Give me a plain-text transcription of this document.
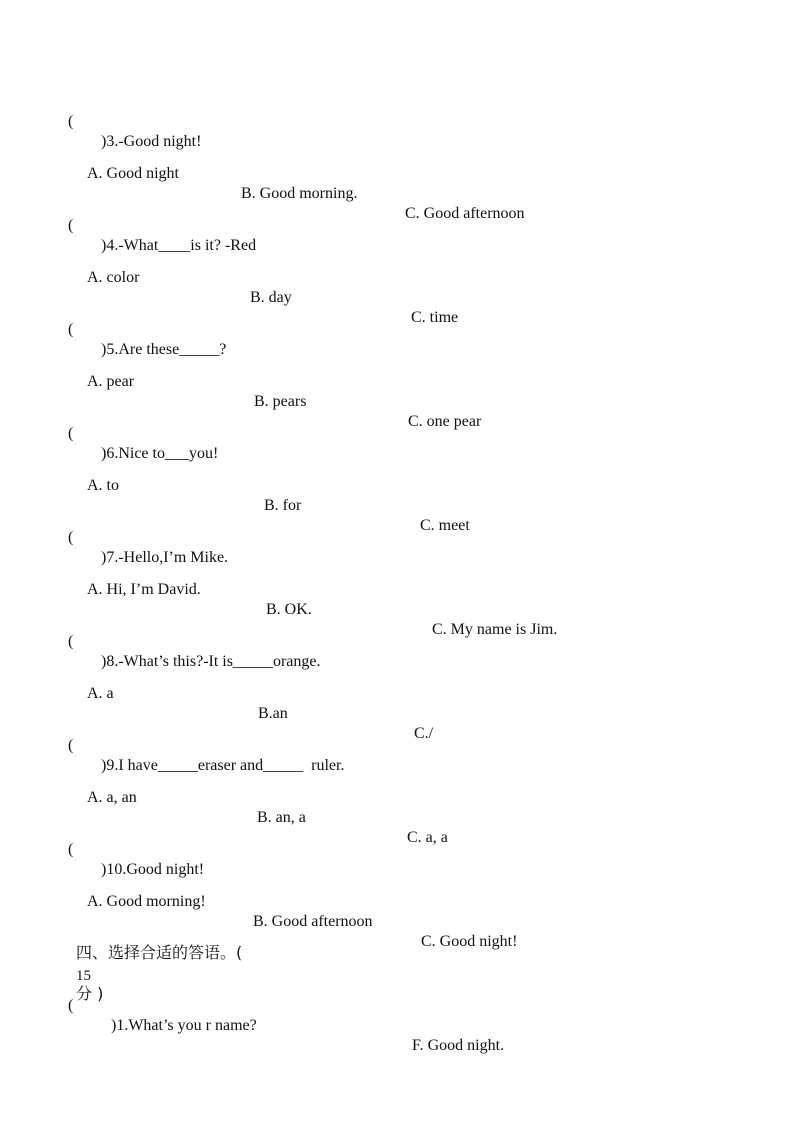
(

)3.-Good night!

A. Good night

B. Good morning.

C. Good afternoon

(

)4.-What____is it? -Red

A. color

B. day

C. time

(

)5.Are these_____?

A. pear

B. pears

C. one pear

(

)6.Nice to___you!

A. to

B. for

C. meet

(

)7.-Hello,I’m Mike.

A. Hi, I’m David.

B. OK.

C. My name is Jim.

(

)8.-What’s this?-It is_____orange.

A. a

B.an

C./

(

)9.I have_____eraser and_____  ruler.

A. a, an

B. an, a

C. a, a

(

)10.Good night!

A. Good morning!

B. Good afternoon

C. Good night!

四、选择合适的答语。(
15
分 )

(

)1.What’s you r name?

F. Good night.
